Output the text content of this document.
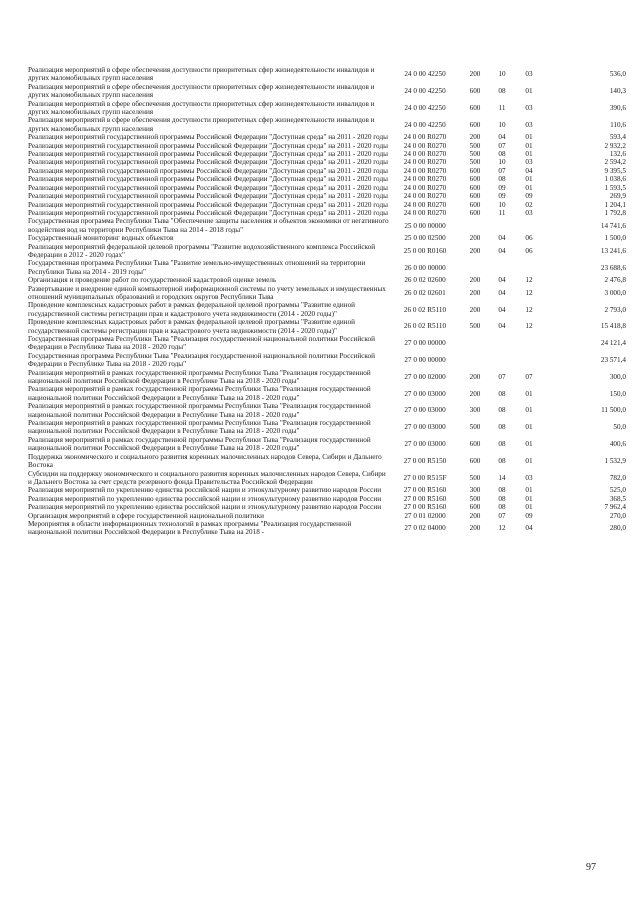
Реализация мероприятий в сфере обеспечения доступности приоритетных сфер жизнедеятельности инвалидов и других маломобильных групп населения	24 0 00 42250	200	10	03	536,0
Реализация мероприятий в сфере обеспечения доступности приоритетных сфер жизнедеятельности инвалидов и других маломобильных групп населения	24 0 00 42250	600	08	01	140,3
Реализация мероприятий в сфере обеспечения доступности приоритетных сфер жизнедеятельности инвалидов и других маломобильных групп населения	24 0 00 42250	600	11	03	390,6
Реализация мероприятий в сфере обеспечения доступности приоритетных сфер жизнедеятельности инвалидов и других маломобильных групп населения	24 0 00 42250	600	10	03	110,6
Реализация мероприятий государственной программы Российской Федерации "Доступная среда" на 2011 - 2020 годы	24 0 00 R0270	200	04	01	593,4
Реализация мероприятий государственной программы Российской Федерации "Доступная среда" на 2011 - 2020 годы	24 0 00 R0270	500	07	01	2 932,2
Реализация мероприятий государственной программы Российской Федерации "Доступная среда" на 2011 - 2020 годы	24 0 00 R0270	500	08	01	132,6
Реализация мероприятий государственной программы Российской Федерации "Доступная среда" на 2011 - 2020 годы	24 0 00 R0270	500	10	03	2 594,2
Реализация мероприятий государственной программы Российской Федерации "Доступная среда" на 2011 - 2020 годы	24 0 00 R0270	600	07	04	9 395,5
Реализация мероприятий государственной программы Российской Федерации "Доступная среда" на 2011 - 2020 годы	24 0 00 R0270	600	08	01	1 038,6
Реализация мероприятий государственной программы Российской Федерации "Доступная среда" на 2011 - 2020 годы	24 0 00 R0270	600	09	01	1 593,5
Реализация мероприятий государственной программы Российской Федерации "Доступная среда" на 2011 - 2020 годы	24 0 00 R0270	600	09	09	269,9
Реализация мероприятий государственной программы Российской Федерации "Доступная среда" на 2011 - 2020 годы	24 0 00 R0270	600	10	02	1 204,1
Реализация мероприятий государственной программы Российской Федерации "Доступная среда" на 2011 - 2020 годы	24 0 00 R0270	600	11	03	1 792,8
Государственная программа Республики Тыва "Обеспечение защиты населения и объектов экономики от негативного воздействия вод на территории Республики Тыва на 2014 - 2018 годы"	25 0 00 00000				14 741,6
Государственный мониторинг водных объектов	25 0 00 02500	200	04	06	1 500,0
Реализация мероприятий федеральной целевой программы "Развитие водохозяйственного комплекса Российской Федерации в 2012 - 2020 годах"	25 0 00 R0160	200	04	06	13 241,6
Государственная программа Республики Тыва "Развитие земельно-имущественных отношений на территории Республики Тыва на 2014 - 2019 годы"	26 0 00 00000				23 688,6
Организация и проведение работ по государственной кадастровой оценке земель	26 0 02 02600	200	04	12	2 476,8
Развертывание и внедрение единой компьютерной информационной системы по учету земельных и имущественных отношений муниципальных образований и городских округов Республики Тыва	26 0 02 02601	200	04	12	3 000,0
Проведение комплексных кадастровых работ в рамках федеральной целевой программы "Развитие единой государственной системы регистрации прав и кадастрового учета недвижимости (2014 - 2020 годы)"	26 0 02 R5110	200	04	12	2 793,0
Проведение комплексных кадастровых работ в рамках федеральной целевой программы "Развитие единой государственной системы регистрации прав и кадастрового учета недвижимости (2014 - 2020 годы)"	26 0 02 R5110	500	04	12	15 418,8
Государственная программа Республики Тыва "Реализация государственной национальной политики Российской Федерации в Республике Тыва на 2018 - 2020 годы"	27 0 00 00000				24 121,4
Государственная программа Республики Тыва "Реализация государственной национальной политики Российской Федерации в Республике Тыва на 2018 - 2020 годы"	27 0 00 00000				23 571,4
Реализация мероприятий в рамках государственной программы Республики Тыва "Реализация государственной национальной политики Российской Федерации в Республике Тыва на 2018 - 2020 годы"	27 0 00 02000	200	07	07	300,0
Реализация мероприятий в рамках государственной программы Республики Тыва "Реализация государственной национальной политики Российской Федерации в Республике Тыва на 2018 - 2020 годы"	27 0 00 03000	200	08	01	150,0
Реализация мероприятий в рамках государственной программы Республики Тыва "Реализация государственной национальной политики Российской Федерации в Республике Тыва на 2018 - 2020 годы"	27 0 00 03000	300	08	01	11 500,0
Реализация мероприятий в рамках государственной программы Республики Тыва "Реализация государственной национальной политики Российской Федерации в Республике Тыва на 2018 - 2020 годы"	27 0 00 03000	500	08	01	50,0
Реализация мероприятий в рамках государственной программы Республики Тыва "Реализация государственной национальной политики Российской Федерации в Республике Тыва на 2018 - 2020 годы"	27 0 00 03000	600	08	01	400,6
Поддержка экономического и социального развития коренных малочисленных народов Севера, Сибири и Дальнего Востока	27 0 00 R5150	600	08	01	1 532,9
Субсидии на поддержку экономического и социального развития коренных малочисленных народов Севера, Сибири и Дальнего Востока за счет средств резервного фонда Правительства Российской Федерации	27 0 00 R515F	500	14	03	782,0
Реализация мероприятий по укреплению единства российской нации и этнокультурному развитию народов России	27 0 00 R5160	300	08	01	525,0
Реализация мероприятий по укреплению единства российской нации и этнокультурному развитию народов России	27 0 00 R5160	500	08	01	368,5
Реализация мероприятий по укреплению единства российской нации и этнокультурному развитию народов России	27 0 00 R5160	600	08	01	7 962,4
Организация мероприятий в сфере государственной национальной политики	27 0 01 02000	200	07	09	270,0
Мероприятия в области информационных технологий в рамках программы "Реализация государственной национальной политики Российской Федерации в Республике Тыва на 2018 -	27 0 02 04000	200	12	04	280,0
97
